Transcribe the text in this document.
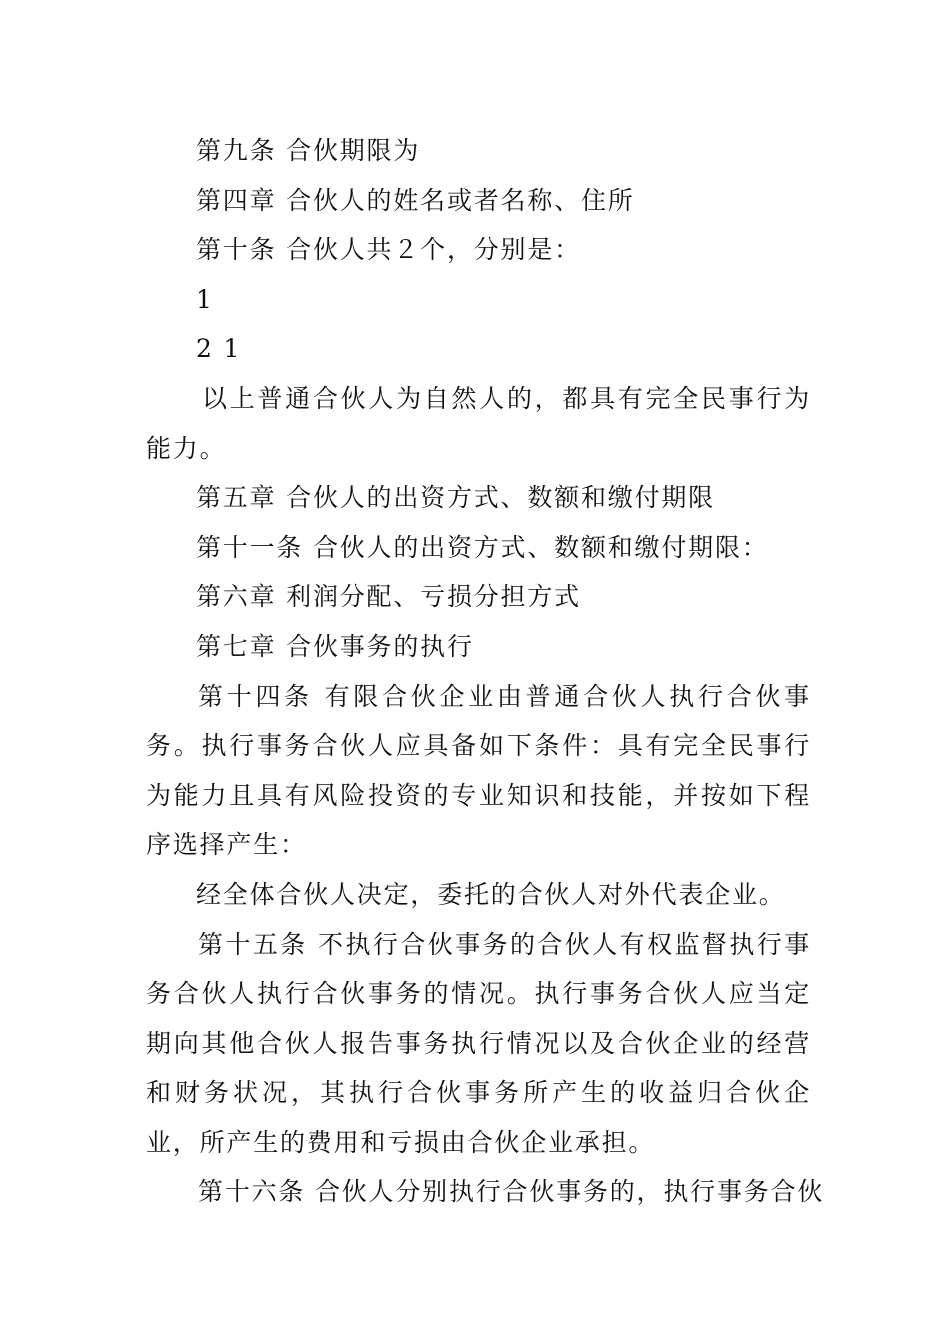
第九条 合伙期限为

第四章 合伙人的姓名或者名称、住所

第十条 合伙人共２个，分别是：

1

2 1

以上普通合伙人为自然人的，都具有完全民事行为能力。

第五章 合伙人的出资方式、数额和缴付期限

第十一条 合伙人的出资方式、数额和缴付期限：

第六章 利润分配、亏损分担方式

第七章 合伙事务的执行

第十四条 有限合伙企业由普通合伙人执行合伙事务。执行事务合伙人应具备如下条件：具有完全民事行为能力且具有风险投资的专业知识和技能，并按如下程序选择产生：

经全体合伙人决定，委托的合伙人对外代表企业。

第十五条 不执行合伙事务的合伙人有权监督执行事务合伙人执行合伙事务的情况。执行事务合伙人应当定期向其他合伙人报告事务执行情况以及合伙企业的经营和财务状况，其执行合伙事务所产生的收益归合伙企业，所产生的费用和亏损由合伙企业承担。

第十六条 合伙人分别执行合伙事务的，执行事务合伙
